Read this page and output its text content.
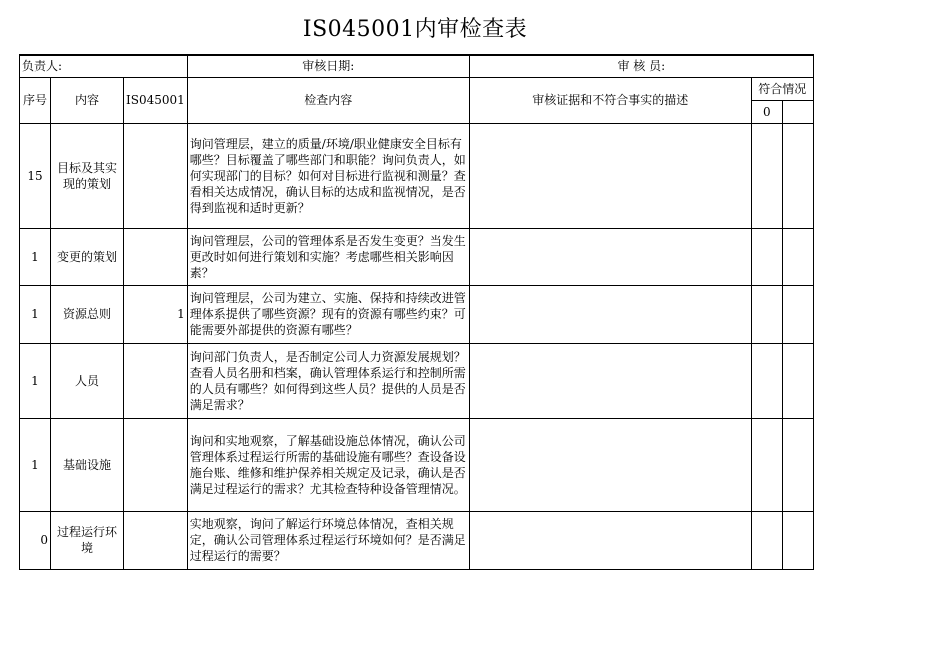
IS045001内审检查表
负责人:			审核日期:	审 核 员:		
序号	内容	IS045001	检查内容	审核证据和不符合事实的描述	符合情况	
					0	
15	目标及其实现的策划		询问管理层，建立的质量/环境/职业健康安全目标有哪些？目标覆盖了哪些部门和职能？询问负责人，如何实现部门的目标？如何对目标进行监视和测量？查看相关达成情况，确认目标的达成和监视情况，是否得到监视和适时更新？			
1	变更的策划		询问管理层，公司的管理体系是否发生变更？当发生更改时如何进行策划和实施？考虑哪些相关影响因素？			
1	资源总则	1	询问管理层，公司为建立、实施、保持和持续改进管理体系提供了哪些资源？现有的资源有哪些约束？可能需要外部提供的资源有哪些？			
1	人员		询问部门负责人，是否制定公司人力资源发展规划？查看人员名册和档案，确认管理体系运行和控制所需的人员有哪些？如何得到这些人员？提供的人员是否满足需求？			
1	基础设施		询问和实地观察，了解基础设施总体情况，确认公司管理体系过程运行所需的基础设施有哪些？查设备设施台账、维修和维护保养相关规定及记录，确认是否满足过程运行的需求？尤其检查特种设备管理情况。			
0	过程运行环境		实地观察，询问了解运行环境总体情况，查相关规定，确认公司管理体系过程运行环境如何？是否满足过程运行的需要？			
